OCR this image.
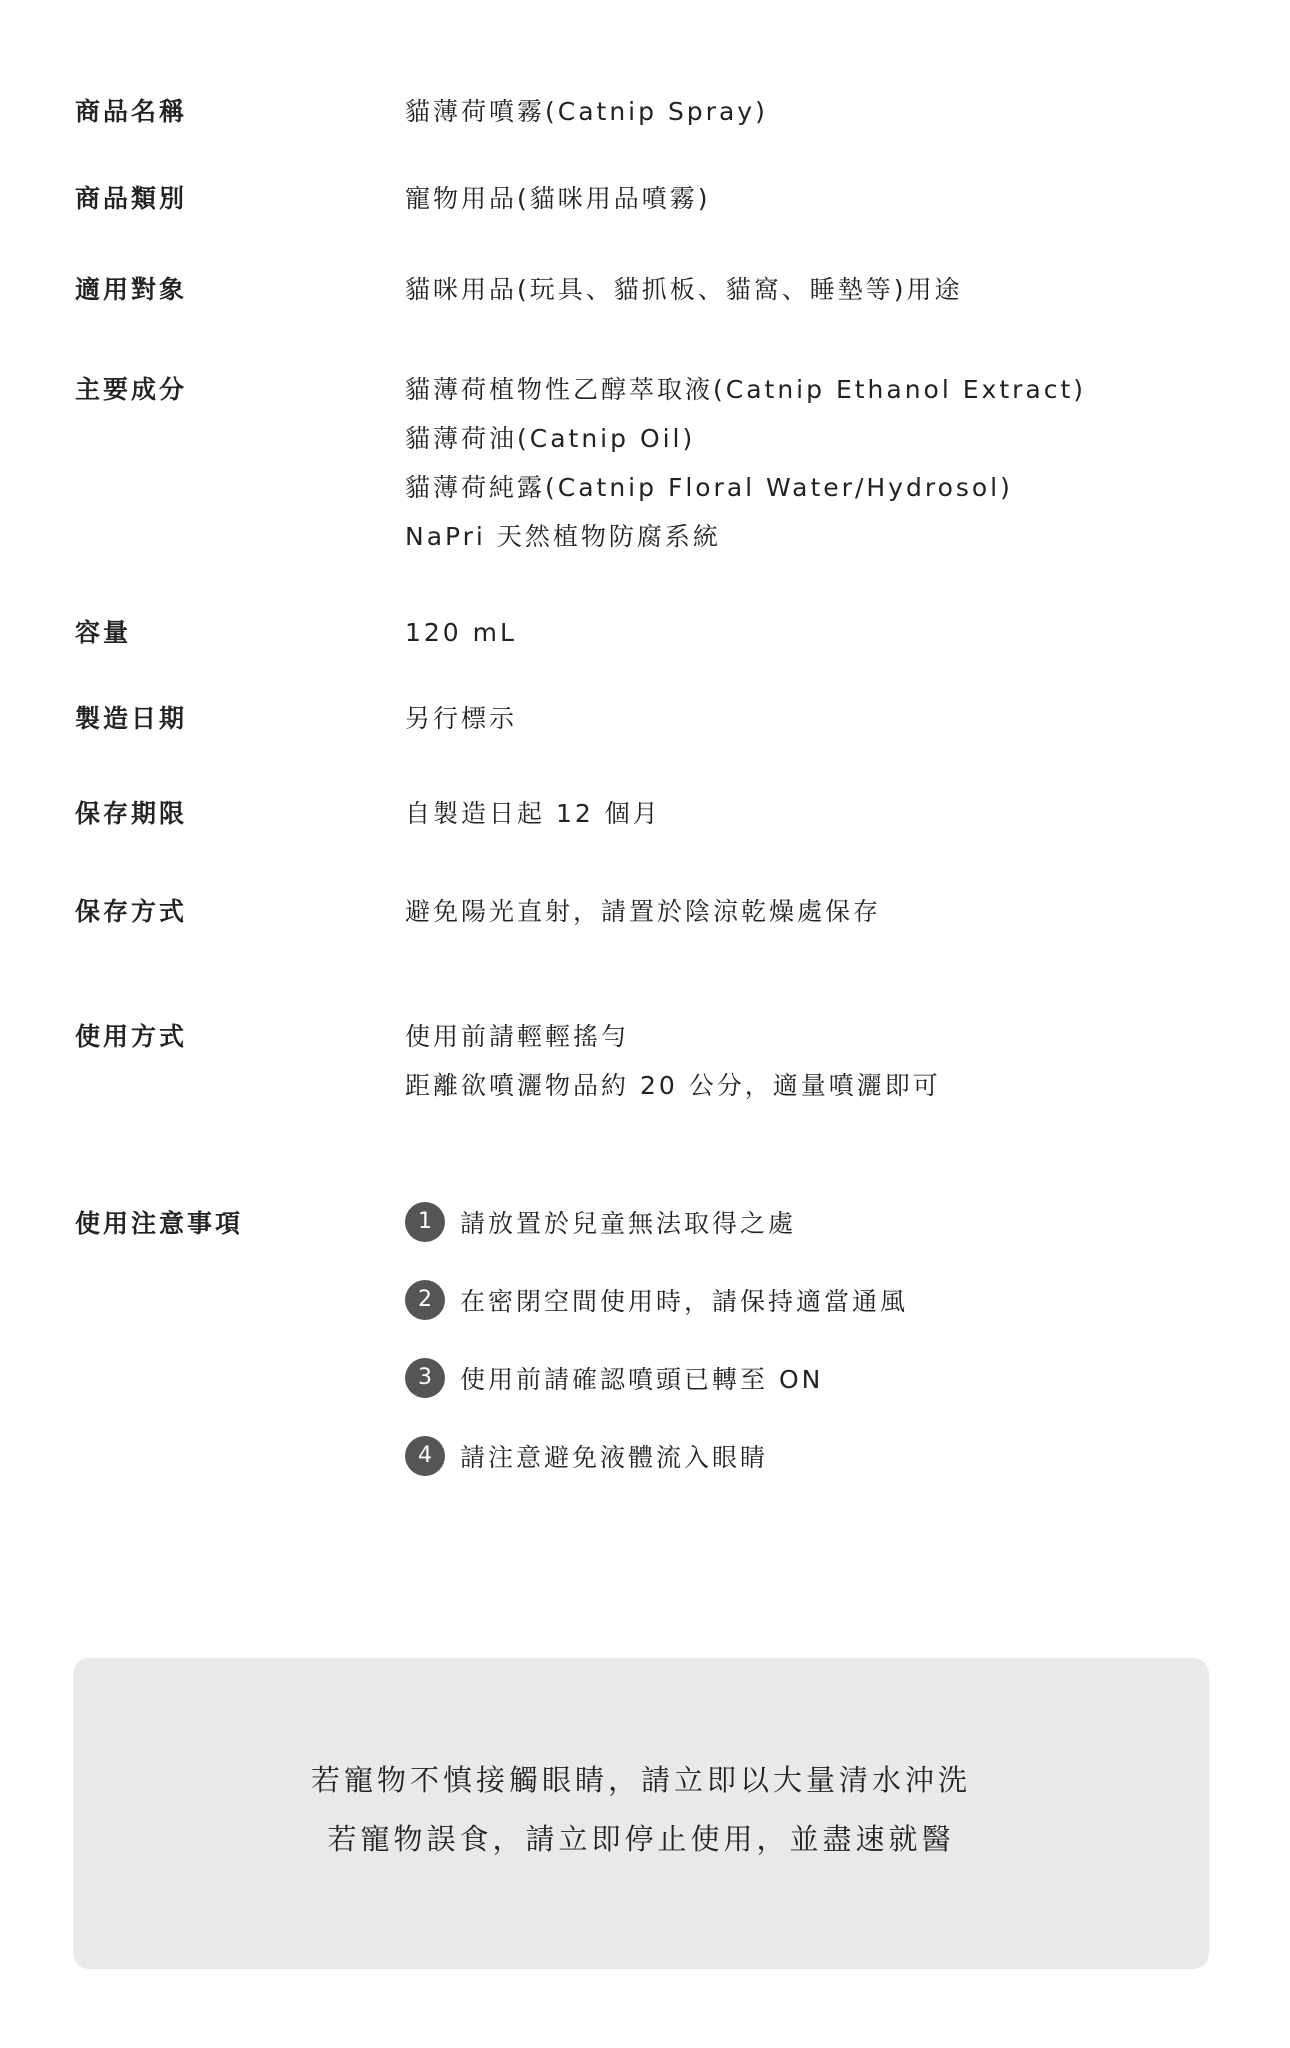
商品名稱	貓薄荷噴霧(Catnip Spray)
商品類別	寵物用品(貓咪用品噴霧)
適用對象	貓咪用品(玩具、貓抓板、貓窩、睡墊等)用途
主要成分	貓薄荷植物性乙醇萃取液(Catnip Ethanol Extract)
貓薄荷油(Catnip Oil)
貓薄荷純露(Catnip Floral Water/Hydrosol)
NaPri 天然植物防腐系統
容量	120 mL
製造日期	另行標示
保存期限	自製造日起 12 個月
保存方式	避免陽光直射，請置於陰涼乾燥處保存
使用方式	使用前請輕輕搖勻
距離欲噴灑物品約 20 公分，適量噴灑即可
使用注意事項	1	請放置於兒童無法取得之處
2	在密閉空間使用時，請保持適當通風
3	使用前請確認噴頭已轉至 ON
4	請注意避免液體流入眼睛
若寵物不慎接觸眼睛，請立即以大量清水沖洗
若寵物誤食，請立即停止使用，並盡速就醫
